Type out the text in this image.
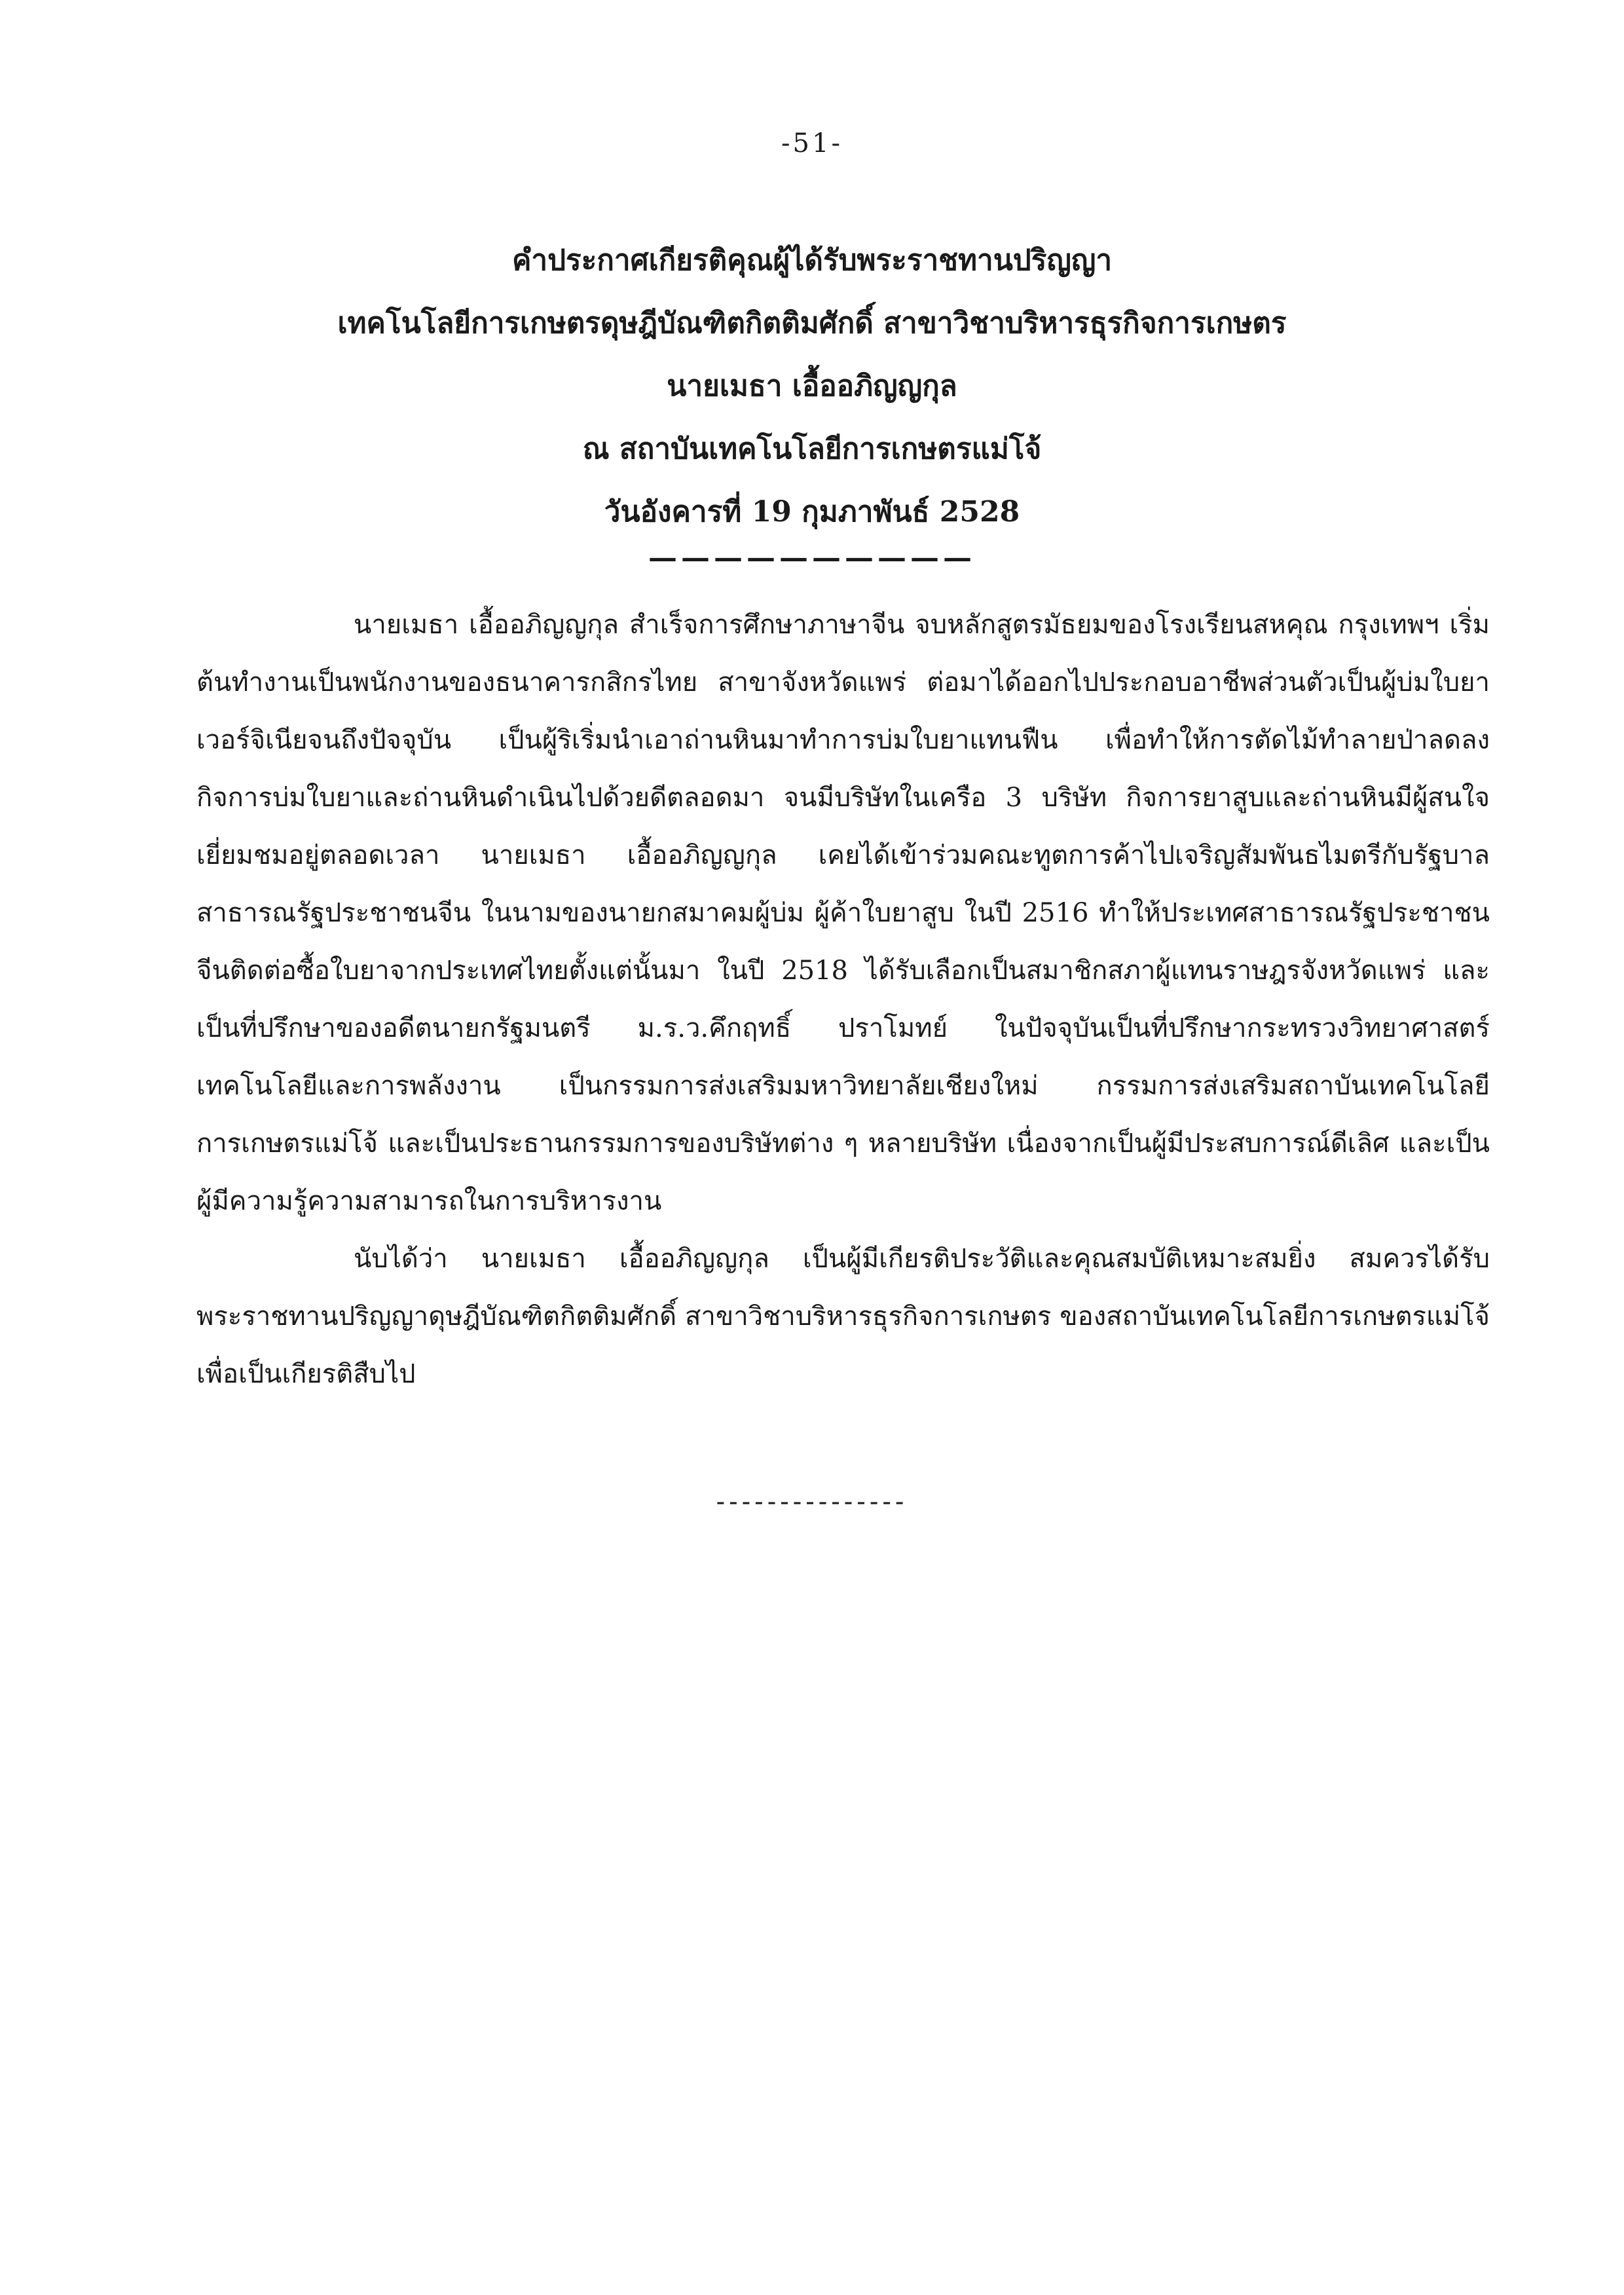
-51-
คำประกาศเกียรติคุณผู้ได้รับพระราชทานปริญญา
เทคโนโลยีการเกษตรดุษฎีบัณฑิตกิตติมศักดิ์ สาขาวิชาบริหารธุรกิจการเกษตร
นายเมธา เอื้ออภิญญกุล
ณ สถาบันเทคโนโลยีการเกษตรแม่โจ้
วันอังคารที่ 19 กุมภาพันธ์ 2528
——————————

นายเมธา เอื้ออภิญญกุล สำเร็จการศึกษาภาษาจีน จบหลักสูตรมัธยมของโรงเรียนสหคุณ กรุงเทพฯ เริ่มต้นทำงานเป็นพนักงานของธนาคารกสิกรไทย สาขาจังหวัดแพร่ ต่อมาได้ออกไปประกอบอาชีพส่วนตัวเป็นผู้บ่มใบยาเวอร์จิเนียจนถึงปัจจุบัน เป็นผู้ริเริ่มนำเอาถ่านหินมาทำการบ่มใบยาแทนฟืน เพื่อทำให้การตัดไม้ทำลายป่าลดลง กิจการบ่มใบยาและถ่านหินดำเนินไปด้วยดีตลอดมา จนมีบริษัทในเครือ 3 บริษัท กิจการยาสูบและถ่านหินมีผู้สนใจเยี่ยมชมอยู่ตลอดเวลา นายเมธา เอื้ออภิญญกุล เคยได้เข้าร่วมคณะทูตการค้าไปเจริญสัมพันธไมตรีกับรัฐบาลสาธารณรัฐประชาชนจีน ในนามของนายกสมาคมผู้บ่ม ผู้ค้าใบยาสูบ ในปี 2516 ทำให้ประเทศสาธารณรัฐประชาชนจีนติดต่อซื้อใบยาจากประเทศไทยตั้งแต่นั้นมา ในปี 2518 ได้รับเลือกเป็นสมาชิกสภาผู้แทนราษฎรจังหวัดแพร่ และเป็นที่ปรึกษาของอดีตนายกรัฐมนตรี ม.ร.ว.คึกฤทธิ์ ปราโมทย์ ในปัจจุบันเป็นที่ปรึกษากระทรวงวิทยาศาสตร์เทคโนโลยีและการพลังงาน เป็นกรรมการส่งเสริมมหาวิทยาลัยเชียงใหม่ กรรมการส่งเสริมสถาบันเทคโนโลยีการเกษตรแม่โจ้ และเป็นประธานกรรมการของบริษัทต่าง ๆ หลายบริษัท เนื่องจากเป็นผู้มีประสบการณ์ดีเลิศ และเป็นผู้มีความรู้ความสามารถในการบริหารงาน

นับได้ว่า นายเมธา เอื้ออภิญญกุล เป็นผู้มีเกียรติประวัติและคุณสมบัติเหมาะสมยิ่ง สมควรได้รับพระราชทานปริญญาดุษฎีบัณฑิตกิตติมศักดิ์ สาขาวิชาบริหารธุรกิจการเกษตร ของสถาบันเทคโนโลยีการเกษตรแม่โจ้ เพื่อเป็นเกียรติสืบไป

---------------
